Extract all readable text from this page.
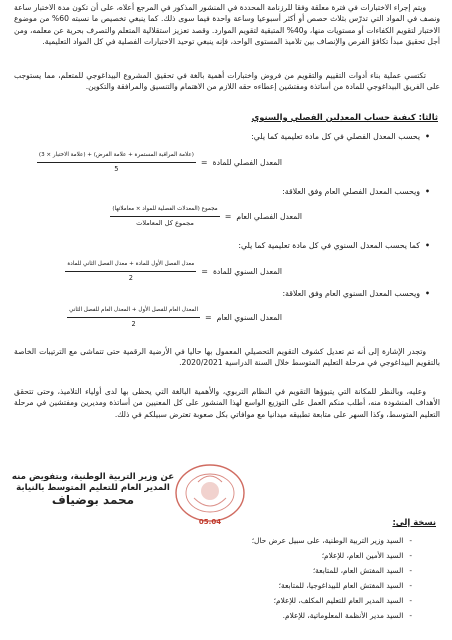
ويتم إجراء الاختبارات في فترة معلقة وفقا للرزنامة المحددة في المنشور المذكور في المرجع أعلاه، على أن تكون مدة الاختبار ساعة ونصف في المواد التي تدرّس بثلاث حصص أو أكثر أسبوعيا وساعة واحدة فيما سوى ذلك. كما ينبغي تخصيص ما نسبته 60% من موضوع الاختبار لتقويم الكفاءات أو مستويات منها، و40% المتبقية لتقويم الموارد. وقصد تعزيز استقلالية المتعلم والتصرف بحرية عن معلمه، ومن أجل تحقيق مبدأ تكافؤ الفرص والإنصاف بين تلاميذ المستوى الواحد، فإنه ينبغي توحيد الاختبارات الفصلية في كل المواد التعليمية.

تكتسي عملية بناء أدوات التقييم والتقويم من فروض واختبارات أهمية بالغة في تحقيق المشروع البيداغوجي للمتعلم، مما يستوجب على الفريق البيداغوجي للمادة من أساتذة ومفتشين إعطاءه حقه اللازم من الاهتمام والتنسيق والمرافقة والتكوين.

ثالثا: كيفية حساب المعدلين الفصلي والسنوي
• يحسب المعدل الفصلي في كل مادة تعليمية كما يلي:
المعدل الفصلي للمادة
=
(علامة المراقبة المستمرة + علامة الفرض) + (علامة الاختبار × 3)
5
• ويحسب المعدل الفصلي العام وفق العلاقة:
المعدل الفصلي العام
=
$\frac{\text{مجموع (المعدلات الفصلية للمواد × معاملاتها)}}{\text{مجموع كل المعاملات}}$
• كما يحسب المعدل السنوي في كل مادة تعليمية كما يلي:
المعدل السنوي للمادة
=
$\frac{\text{معدل الفصل الأول للمادة + معدل الفصل الثاني للمادة}}{2}$
• ويحسب المعدل السنوي العام وفق العلاقة:
المعدل السنوي العام
=
$\frac{\text{المعدل العام للفصل الأول + المعدل العام للفصل الثاني}}{2}$

وتجدر الإشارة إلى أنه تم تعديل كشوف التقويم التحصيلي المعمول بها حاليا في الأرضية الرقمية حتى تتماشى مع الترتيبات الخاصة بالتقويم البيداغوجي في مرحلة التعليم المتوسط خلال السنة الدراسية 2020/2021.

وعليه، وبالنظر للمكانة التي يتبوؤها التقويم في النظام التربوي، والأهمية البالغة التي يحظى بها لدى أولياء التلاميذ، وحتى تتحقق الأهداف المنشودة منه، أطلب منكم العمل على التوزيع الواسع لهذا المنشور على كل المعنيين من أساتذة ومديرين ومفتشين في مرحلة التعليم المتوسط، وكذا السهر على متابعة تطبيقه ميدانيا مع موافاتي بكل صعوبة تعترض سبيلكم في ذلك.

عن وزير التربية الوطنية، وبتفويض منه
المدير العام للتعليم المتوسط بالنيابة
محمد بوضياف
05.04	نسخة إلى:
- السيد وزير التربية الوطنية، على سبيل عرض حال؛
- السيد الأمين العام، للإعلام؛
- السيد المفتش العام، للمتابعة؛
- السيد المفتش العام للبيداغوجيا، للمتابعة؛
- السيد المدير العام للتعليم المكلف، للإعلام؛
- السيد مدير الأنظمة المعلوماتية، للإعلام.
